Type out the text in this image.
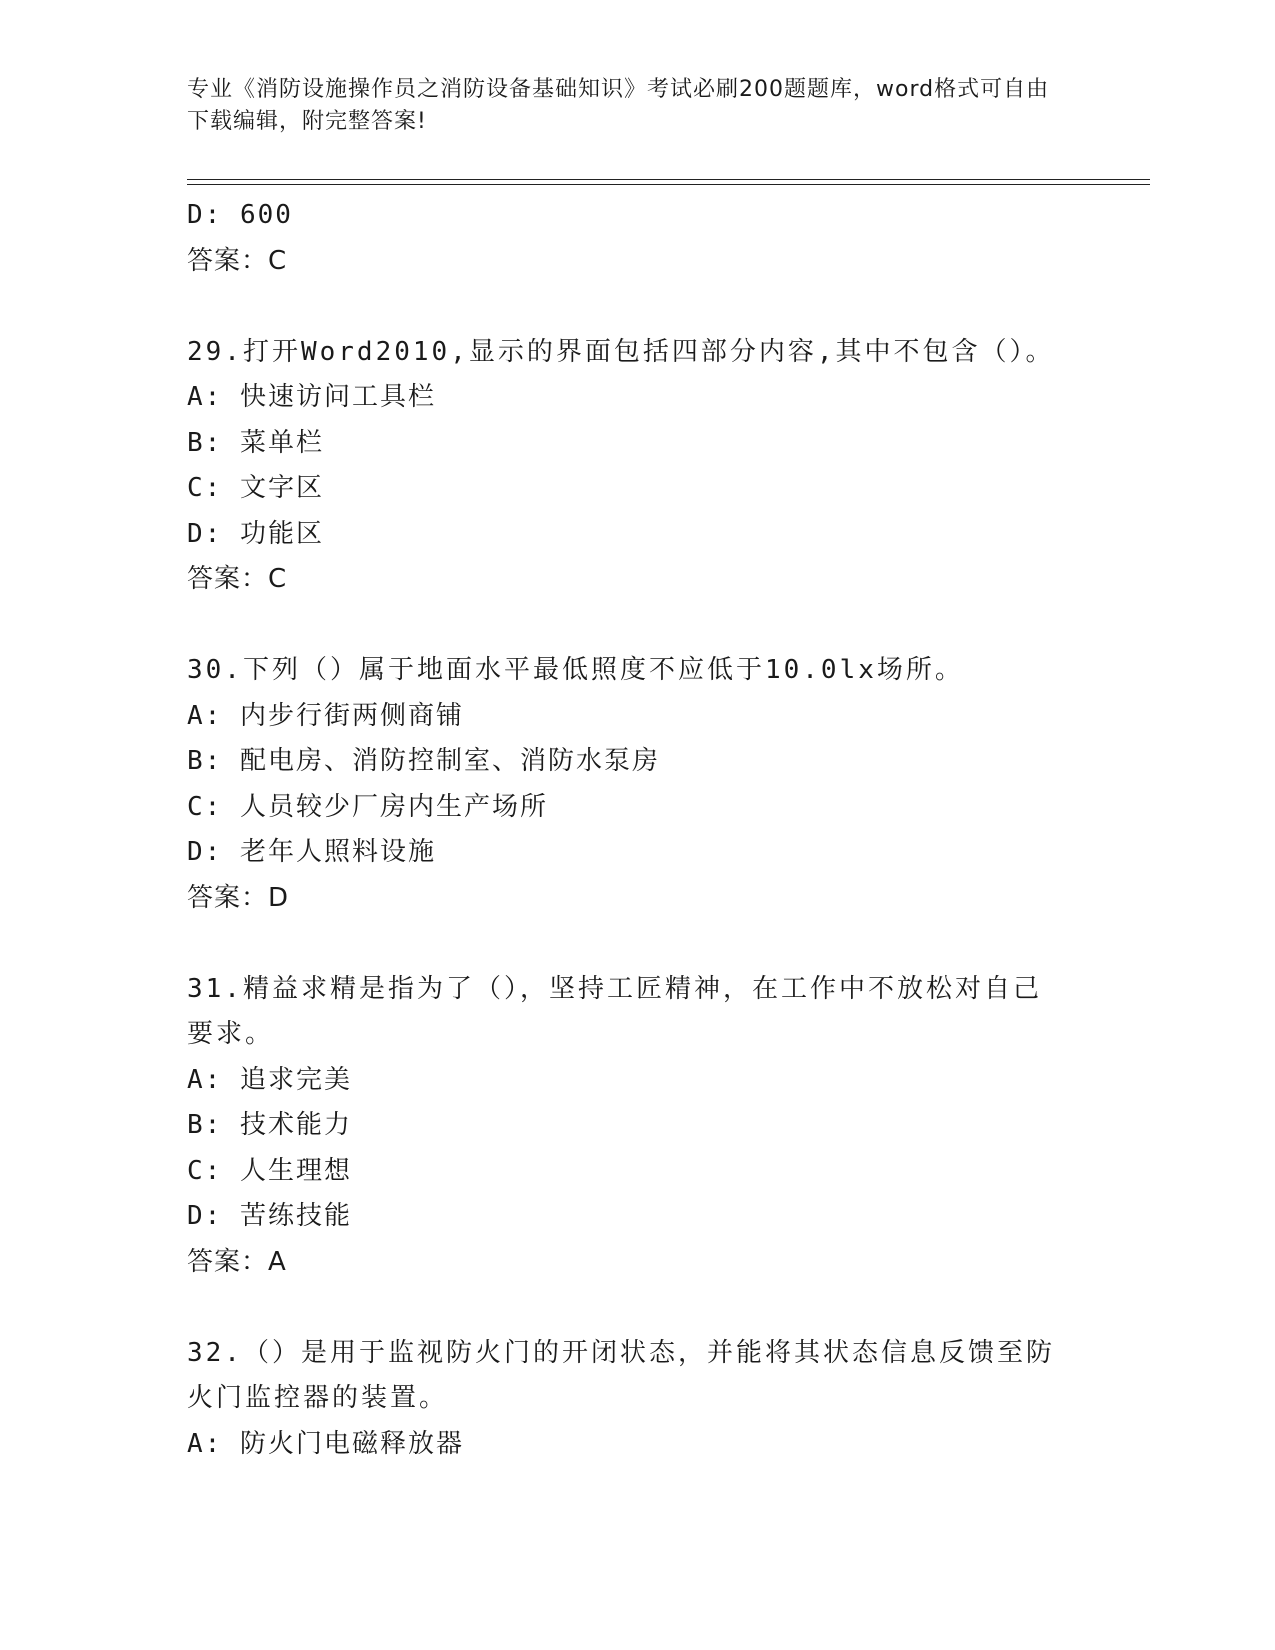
专业《消防设施操作员之消防设备基础知识》考试必刷200题题库，word格式可自由下载编辑，附完整答案!
D: 600
答案：C
29.打开Word2010,显示的界面包括四部分内容,其中不包含（）。
A: 快速访问工具栏
B: 菜单栏
C: 文字区
D: 功能区
答案：C
30.下列（）属于地面水平最低照度不应低于10.0lx场所。
A: 内步行街两侧商铺
B: 配电房、消防控制室、消防水泵房
C: 人员较少厂房内生产场所
D: 老年人照料设施
答案：D
31.精益求精是指为了（），坚持工匠精神，在工作中不放松对自己要求。
A: 追求完美
B: 技术能力
C: 人生理想
D: 苦练技能
答案：A
32.（）是用于监视防火门的开闭状态，并能将其状态信息反馈至防火门监控器的装置。
A: 防火门电磁释放器
